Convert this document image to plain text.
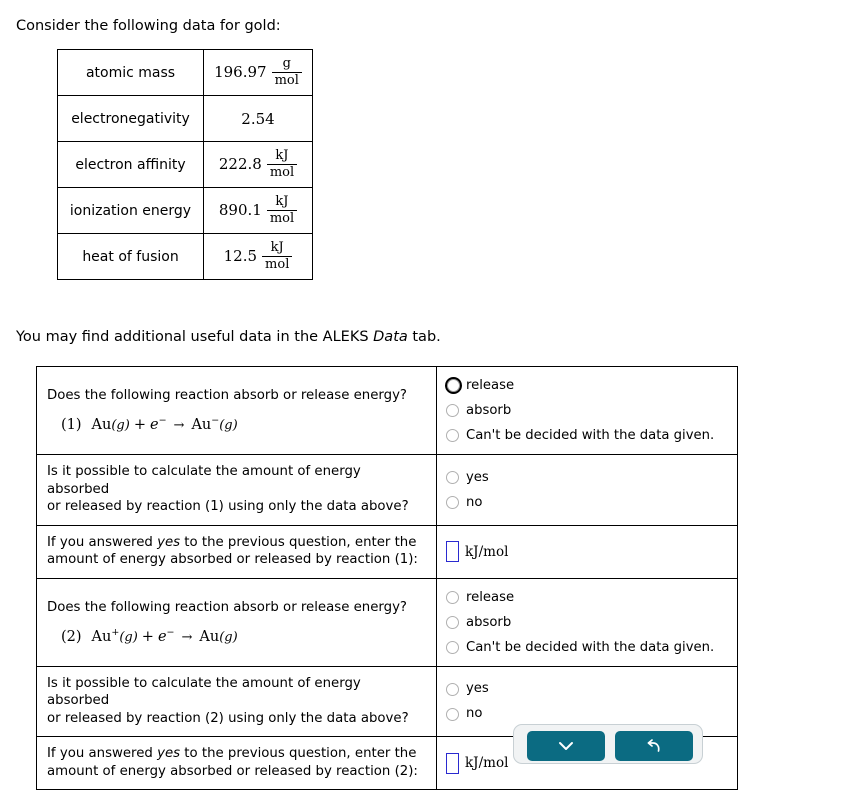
Consider the following data for gold:
atomic mass	$196.97 \frac{g}{\text{mol}}$

electronegativity	2.54

electron affinity	$222.8 \frac{kJ}{\text{mol}}$

ionization energy	$890.1 \frac{kJ}{\text{mol}}$

heat of fusion	$12.5 \frac{kJ}{\text{mol}}$
You may find additional useful data in the ALEKS Data tab.
Does the following reaction absorb or release energy?
(1) Au(g) + e− → Au−(g)

release
absorb
Can't be decided with the data given.

Is it possible to calculate the amount of energy absorbed
or released by reaction (1) using only the data above?

yes
no

If you answered yes to the previous question, enter the
amount of energy absorbed or released by reaction (1):	kJ/mol

Does the following reaction absorb or release energy?
(2) Au+(g) + e− → Au(g)

release
absorb
Can't be decided with the data given.

Is it possible to calculate the amount of energy absorbed
or released by reaction (2) using only the data above?

yes
no

If you answered yes to the previous question, enter the
amount of energy absorbed or released by reaction (2):	kJ/mol
